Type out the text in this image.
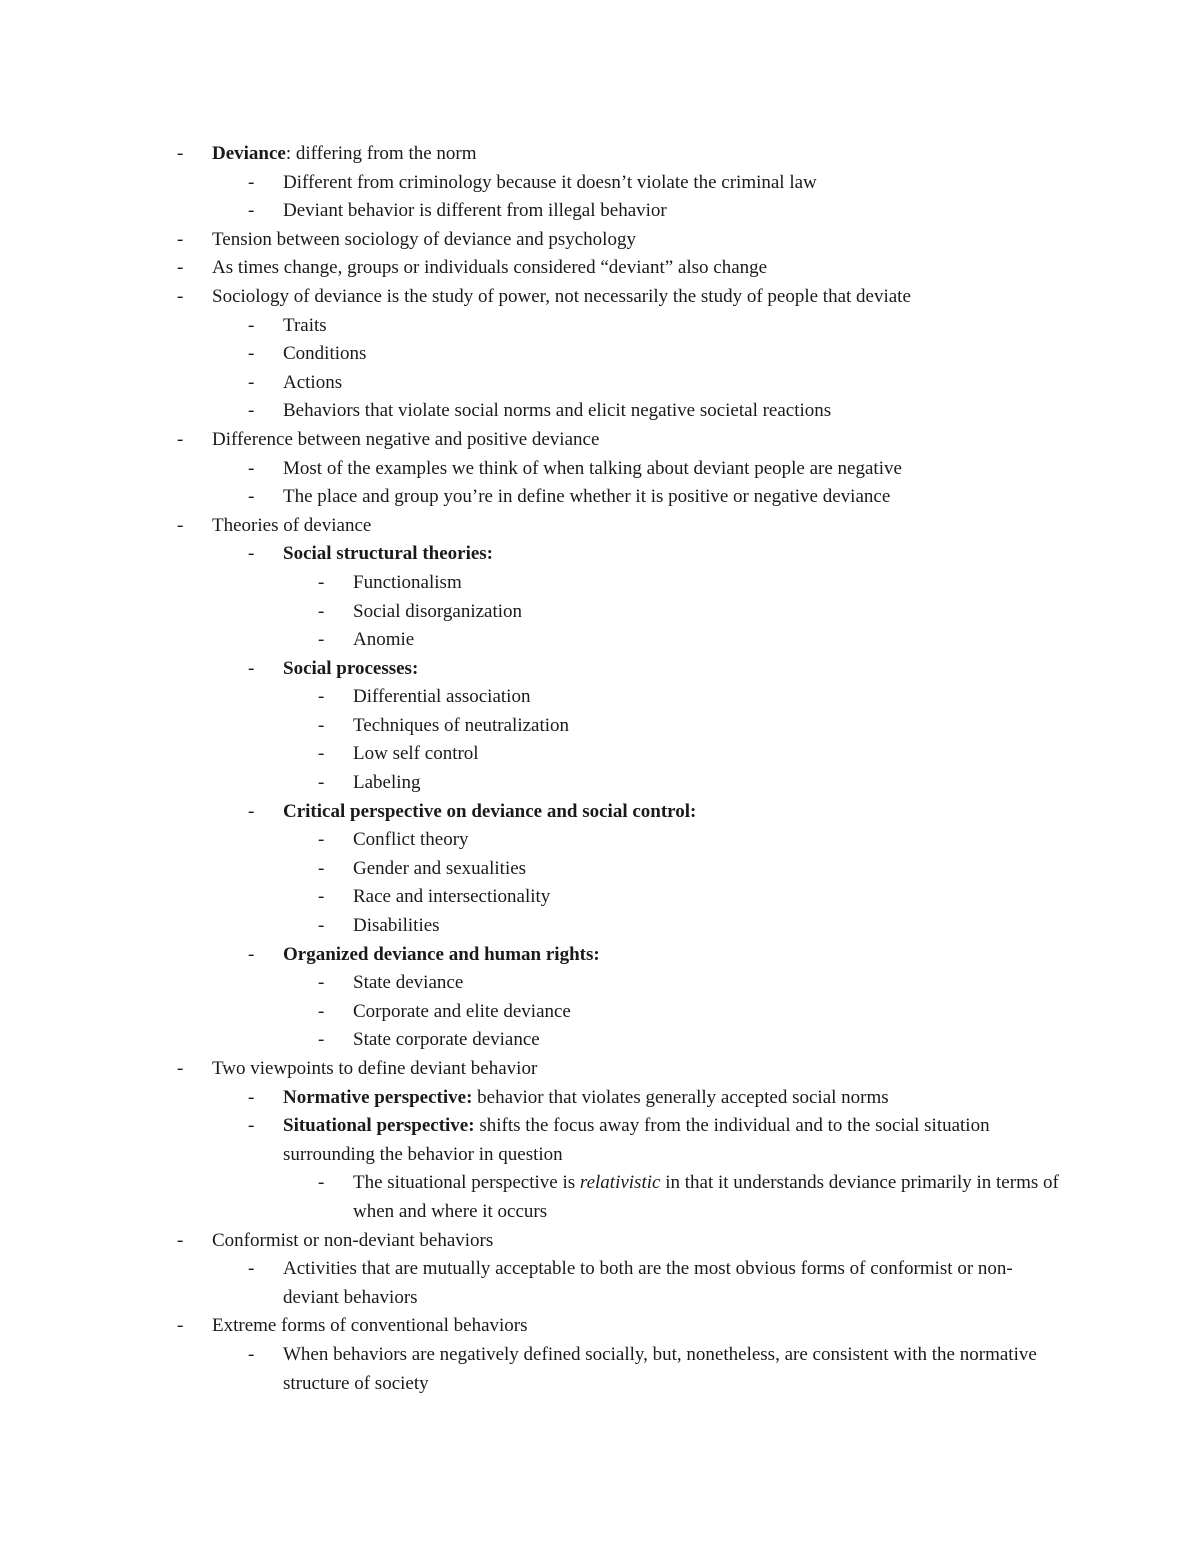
- Deviance: differing from the norm
- Different from criminology because it doesn’t violate the criminal law
- Deviant behavior is different from illegal behavior
- Tension between sociology of deviance and psychology
- As times change, groups or individuals considered “deviant” also change
- Sociology of deviance is the study of power, not necessarily the study of people that deviate
- Traits
- Conditions
- Actions
- Behaviors that violate social norms and elicit negative societal reactions
- Difference between negative and positive deviance
- Most of the examples we think of when talking about deviant people are negative
- The place and group you’re in define whether it is positive or negative deviance
- Theories of deviance
- Social structural theories:
- Functionalism
- Social disorganization
- Anomie
- Social processes:
- Differential association
- Techniques of neutralization
- Low self control
- Labeling
- Critical perspective on deviance and social control:
- Conflict theory
- Gender and sexualities
- Race and intersectionality
- Disabilities
- Organized deviance and human rights:
- State deviance
- Corporate and elite deviance
- State corporate deviance
- Two viewpoints to define deviant behavior
- Normative perspective: behavior that violates generally accepted social norms
- Situational perspective: shifts the focus away from the individual and to the social situation surrounding the behavior in question
- The situational perspective is relativistic in that it understands deviance primarily in terms of when and where it occurs
- Conformist or non-deviant behaviors
- Activities that are mutually acceptable to both are the most obvious forms of conformist or non-deviant behaviors
- Extreme forms of conventional behaviors
- When behaviors are negatively defined socially, but, nonetheless, are consistent with the normative structure of society
